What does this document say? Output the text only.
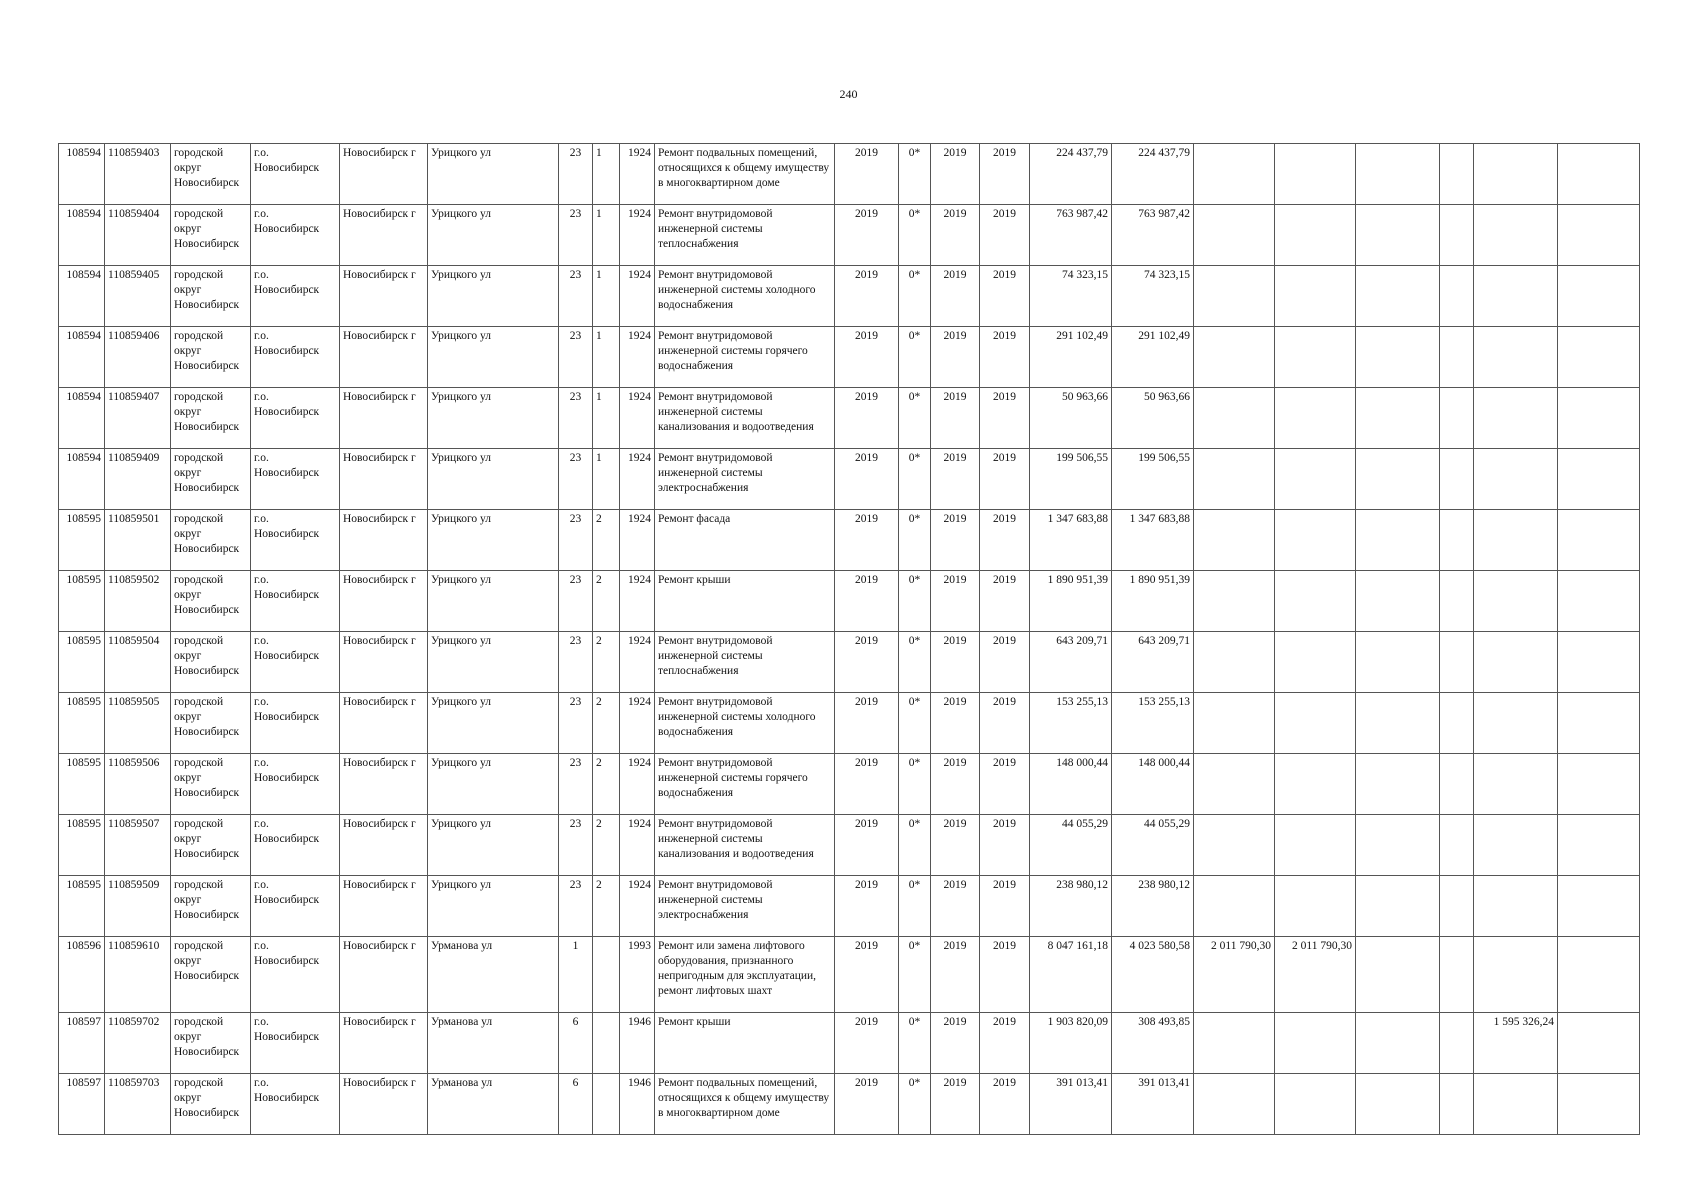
240
108594	110859403	городской округ Новосибирск	г.о. Новосибирск	Новосибирск г	Урицкого ул	23	1	1924	Ремонт подвальных помещений, относящихся к общему имуществу в многоквартирном доме	2019	0*	2019	2019	224 437,79	224 437,79						
108594	110859404	городской округ Новосибирск	г.о. Новосибирск	Новосибирск г	Урицкого ул	23	1	1924	Ремонт внутридомовой инженерной системы теплоснабжения	2019	0*	2019	2019	763 987,42	763 987,42						
108594	110859405	городской округ Новосибирск	г.о. Новосибирск	Новосибирск г	Урицкого ул	23	1	1924	Ремонт внутридомовой инженерной системы холодного водоснабжения	2019	0*	2019	2019	74 323,15	74 323,15						
108594	110859406	городской округ Новосибирск	г.о. Новосибирск	Новосибирск г	Урицкого ул	23	1	1924	Ремонт внутридомовой инженерной системы горячего водоснабжения	2019	0*	2019	2019	291 102,49	291 102,49						
108594	110859407	городской округ Новосибирск	г.о. Новосибирск	Новосибирск г	Урицкого ул	23	1	1924	Ремонт внутридомовой инженерной системы канализования и водоотведения	2019	0*	2019	2019	50 963,66	50 963,66						
108594	110859409	городской округ Новосибирск	г.о. Новосибирск	Новосибирск г	Урицкого ул	23	1	1924	Ремонт внутридомовой инженерной системы электроснабжения	2019	0*	2019	2019	199 506,55	199 506,55						
108595	110859501	городской округ Новосибирск	г.о. Новосибирск	Новосибирск г	Урицкого ул	23	2	1924	Ремонт фасада	2019	0*	2019	2019	1 347 683,88	1 347 683,88						
108595	110859502	городской округ Новосибирск	г.о. Новосибирск	Новосибирск г	Урицкого ул	23	2	1924	Ремонт крыши	2019	0*	2019	2019	1 890 951,39	1 890 951,39						
108595	110859504	городской округ Новосибирск	г.о. Новосибирск	Новосибирск г	Урицкого ул	23	2	1924	Ремонт внутридомовой инженерной системы теплоснабжения	2019	0*	2019	2019	643 209,71	643 209,71						
108595	110859505	городской округ Новосибирск	г.о. Новосибирск	Новосибирск г	Урицкого ул	23	2	1924	Ремонт внутридомовой инженерной системы холодного водоснабжения	2019	0*	2019	2019	153 255,13	153 255,13						
108595	110859506	городской округ Новосибирск	г.о. Новосибирск	Новосибирск г	Урицкого ул	23	2	1924	Ремонт внутридомовой инженерной системы горячего водоснабжения	2019	0*	2019	2019	148 000,44	148 000,44						
108595	110859507	городской округ Новосибирск	г.о. Новосибирск	Новосибирск г	Урицкого ул	23	2	1924	Ремонт внутридомовой инженерной системы канализования и водоотведения	2019	0*	2019	2019	44 055,29	44 055,29						
108595	110859509	городской округ Новосибирск	г.о. Новосибирск	Новосибирск г	Урицкого ул	23	2	1924	Ремонт внутридомовой инженерной системы электроснабжения	2019	0*	2019	2019	238 980,12	238 980,12						
108596	110859610	городской округ Новосибирск	г.о. Новосибирск	Новосибирск г	Урманова ул	1		1993	Ремонт или замена лифтового оборудования, признанного непригодным для эксплуатации, ремонт лифтовых шахт	2019	0*	2019	2019	8 047 161,18	4 023 580,58	2 011 790,30	2 011 790,30				
108597	110859702	городской округ Новосибирск	г.о. Новосибирск	Новосибирск г	Урманова ул	6		1946	Ремонт крыши	2019	0*	2019	2019	1 903 820,09	308 493,85					1 595 326,24	
108597	110859703	городской округ Новосибирск	г.о. Новосибирск	Новосибирск г	Урманова ул	6		1946	Ремонт подвальных помещений, относящихся к общему имуществу в многоквартирном доме	2019	0*	2019	2019	391 013,41	391 013,41						
